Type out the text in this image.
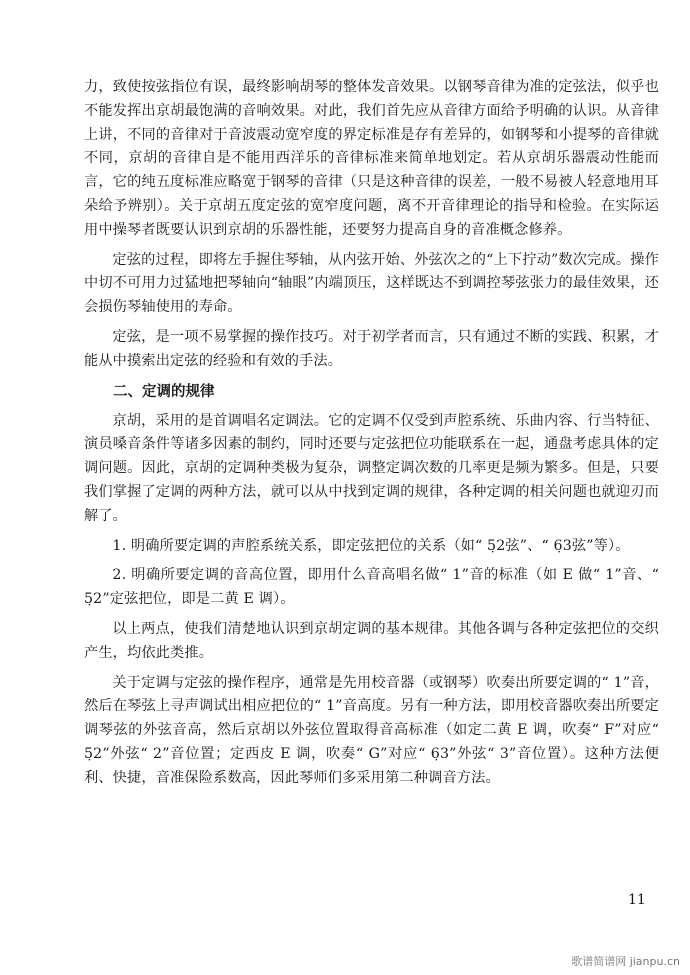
力，致使按弦指位有误，最终影响胡琴的整体发音效果。以钢琴音律为准的定弦法，似乎也不能发挥出京胡最饱满的音响效果。对此，我们首先应从音律方面给予明确的认识。从音律上讲，不同的音律对于音波震动宽窄度的界定标准是存有差异的，如钢琴和小提琴的音律就不同，京胡的音律自是不能用西洋乐的音律标准来简单地划定。若从京胡乐器震动性能而言，它的纯五度标准应略宽于钢琴的音律（只是这种音律的误差，一般不易被人轻意地用耳朵给予辨别）。关于京胡五度定弦的宽窄度问题，离不开音律理论的指导和检验。在实际运用中操琴者既要认识到京胡的乐器性能，还要努力提高自身的音准概念修养。

定弦的过程，即将左手握住琴轴，从内弦开始、外弦次之的“上下拧动”数次完成。操作中切不可用力过猛地把琴轴向“轴眼”内端顶压，这样既达不到调控琴弦张力的最佳效果，还会损伤琴轴使用的寿命。

定弦，是一项不易掌握的操作技巧。对于初学者而言，只有通过不断的实践、积累，才能从中摸索出定弦的经验和有效的手法。

二、定调的规律

京胡，采用的是首调唱名定调法。它的定调不仅受到声腔系统、乐曲内容、行当特征、演员嗓音条件等诸多因素的制约，同时还要与定弦把位功能联系在一起，通盘考虑具体的定调问题。因此，京胡的定调种类极为复杂，调整定调次数的几率更是频为繁多。但是，只要我们掌握了定调的两种方法，就可以从中找到定调的规律，各种定调的相关问题也就迎刃而解了。

1. 明确所要定调的声腔系统关系，即定弦把位的关系（如“ 5̣2弦”、“ 6̣3弦”等）。

2. 明确所要定调的音高位置，即用什么音高唱名做“ 1”音的标准（如 E 做“ 1”音、“ 5̣2”定弦把位，即是二黄 E 调）。

以上两点，使我们清楚地认识到京胡定调的基本规律。其他各调与各种定弦把位的交织产生，均依此类推。

关于定调与定弦的操作程序，通常是先用校音器（或钢琴）吹奏出所要定调的“ 1”音，然后在琴弦上寻声调试出相应把位的“ 1”音高度。另有一种方法，即用校音器吹奏出所要定调琴弦的外弦音高，然后京胡以外弦位置取得音高标准（如定二黄 E 调，吹奏“ F”对应“ 5̣2”外弦“ 2”音位置；定西皮 E 调，吹奏“ G”对应“ 6̣3”外弦“ 3”音位置）。这种方法便利、快捷，音准保险系数高，因此琴师们多采用第二种调音方法。

11
歌谱简谱网 jianpu.cn
